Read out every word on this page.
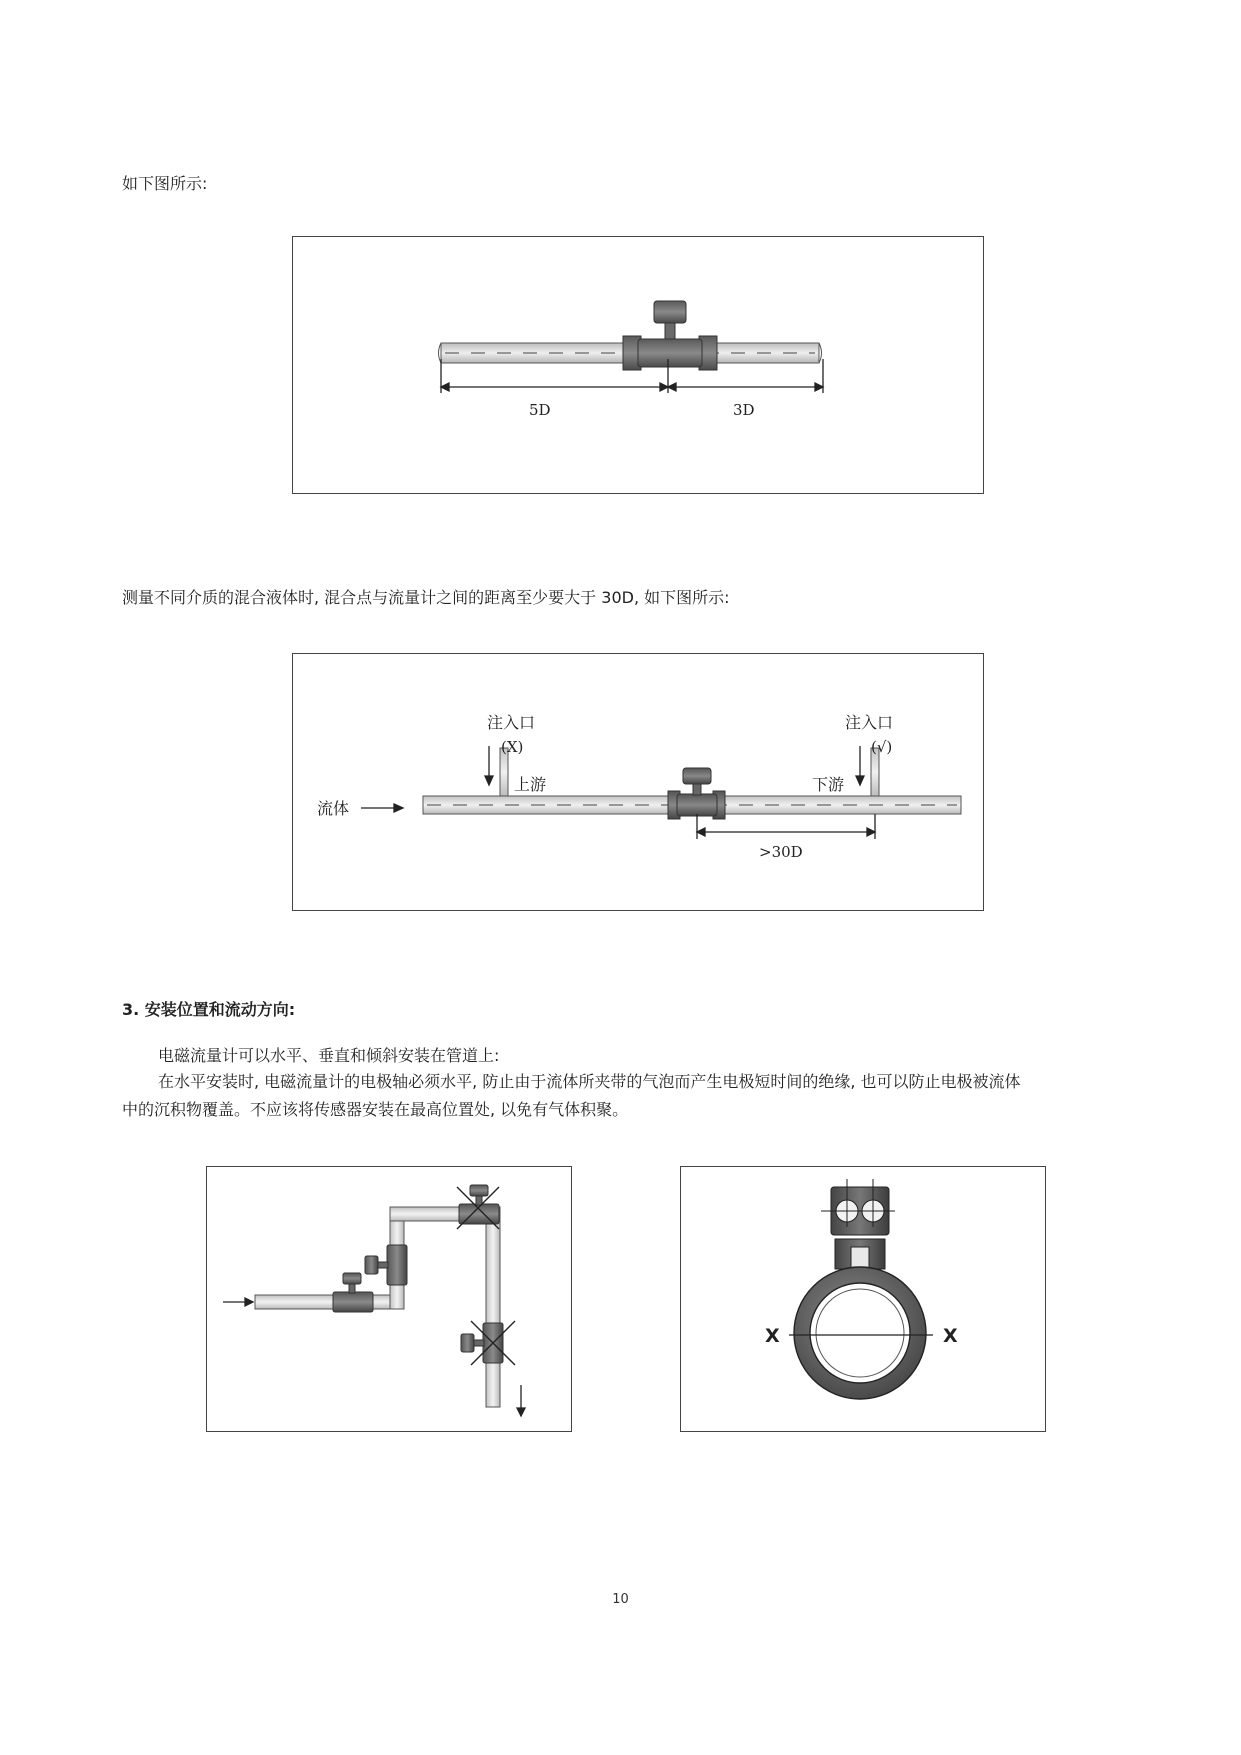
如下图所示:
5D	3D
测量不同介质的混合液体时, 混合点与流量计之间的距离至少要大于 30D, 如下图所示:
流体
注入口
(X)
上游
注入口
(√)
下游
>30D
3. 安装位置和流动方向:
电磁流量计可以水平、垂直和倾斜安装在管道上:
在水平安装时, 电磁流量计的电极轴必须水平, 防止由于流体所夹带的气泡而产生电极短时间的绝缘, 也可以防止电极被流体
中的沉积物覆盖。不应该将传感器安装在最高位置处, 以免有气体积聚。
X	X
10
